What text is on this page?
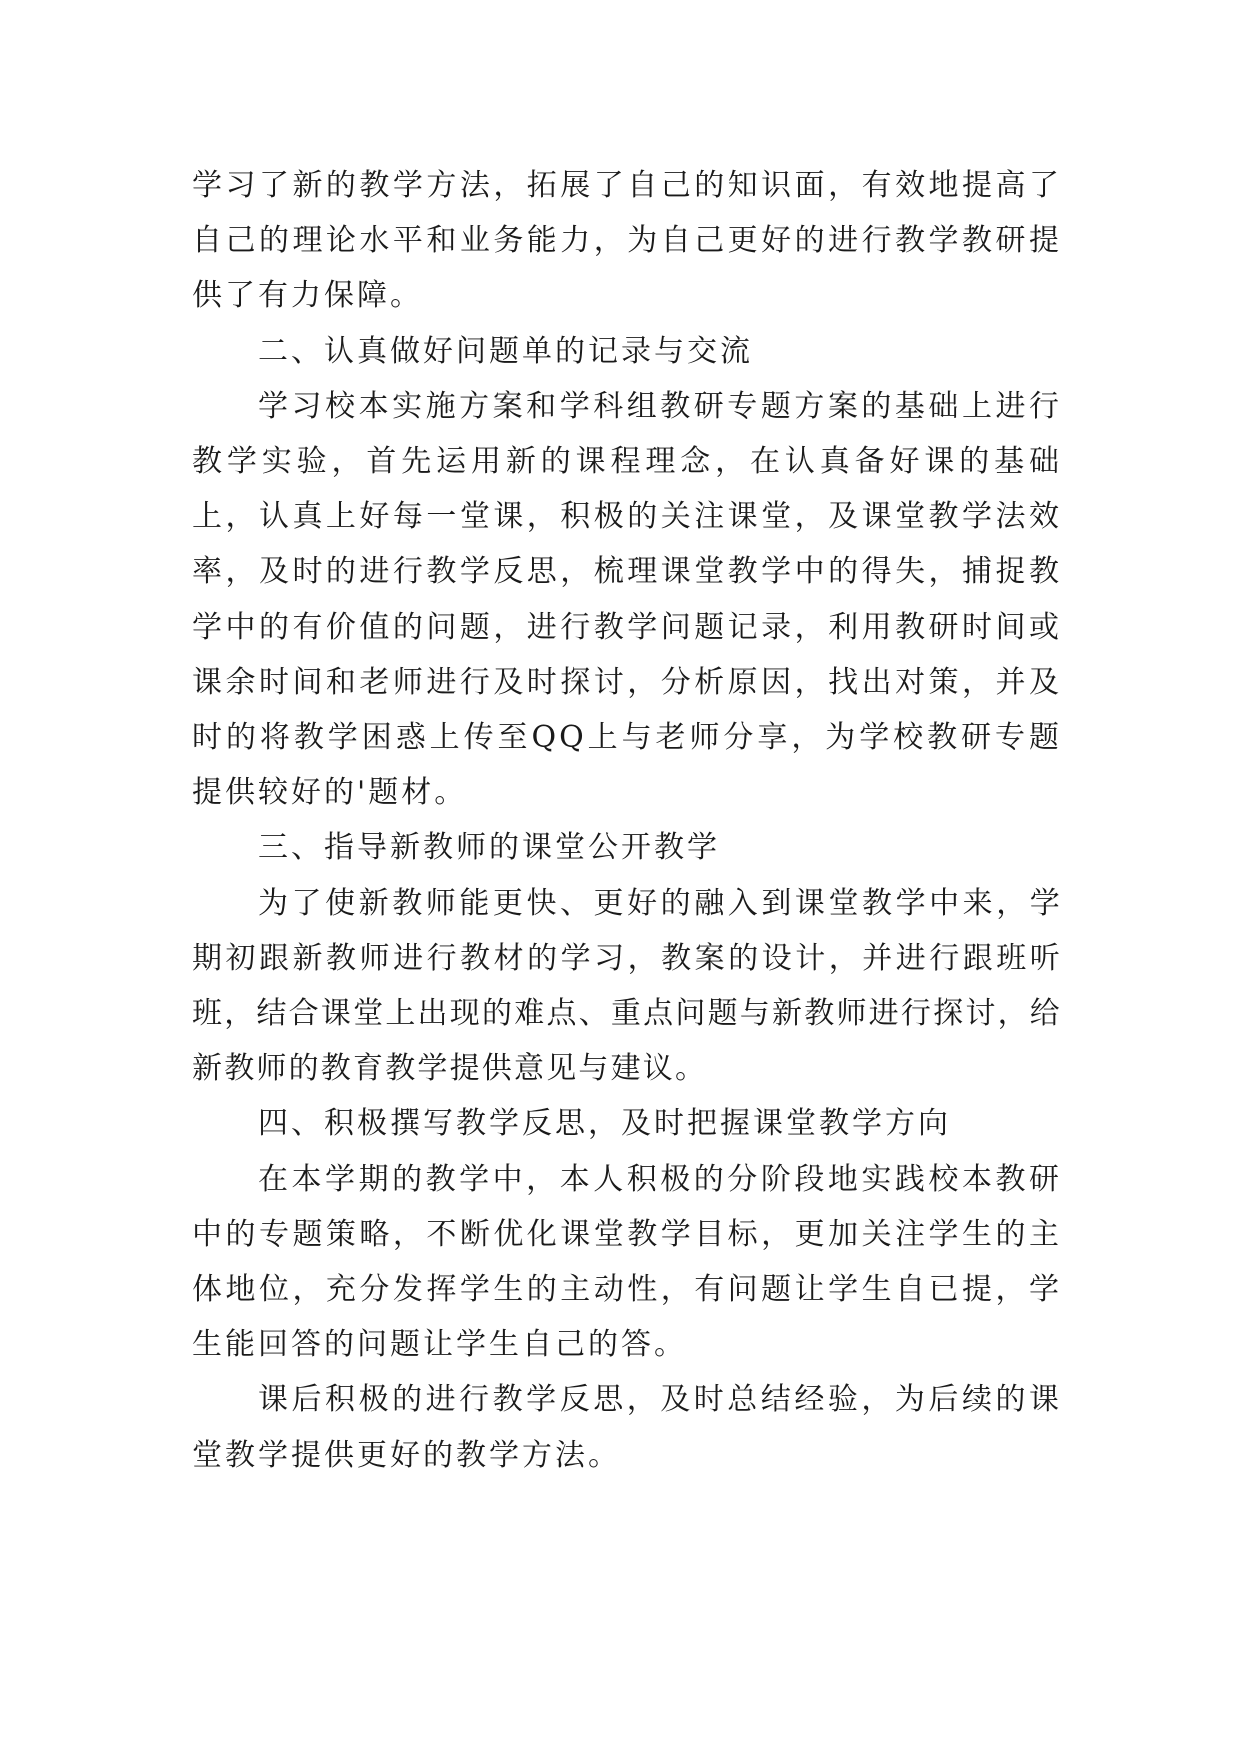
学习了新的教学方法，拓展了自己的知识面，有效地提高了自己的理论水平和业务能力，为自己更好的进行教学教研提供了有力保障。

二、认真做好问题单的记录与交流

学习校本实施方案和学科组教研专题方案的基础上进行教学实验，首先运用新的课程理念，在认真备好课的基础上，认真上好每一堂课，积极的关注课堂，及课堂教学法效率，及时的进行教学反思，梳理课堂教学中的得失，捕捉教学中的有价值的问题，进行教学问题记录，利用教研时间或课余时间和老师进行及时探讨，分析原因，找出对策，并及时的将教学困惑上传至QQ上与老师分享，为学校教研专题提供较好的'题材。

三、指导新教师的课堂公开教学

为了使新教师能更快、更好的融入到课堂教学中来，学期初跟新教师进行教材的学习，教案的设计，并进行跟班听班，结合课堂上出现的难点、重点问题与新教师进行探讨，给新教师的教育教学提供意见与建议。

四、积极撰写教学反思，及时把握课堂教学方向

在本学期的教学中，本人积极的分阶段地实践校本教研中的专题策略，不断优化课堂教学目标，更加关注学生的主体地位，充分发挥学生的主动性，有问题让学生自已提，学生能回答的问题让学生自己的答。

课后积极的进行教学反思，及时总结经验，为后续的课堂教学提供更好的教学方法。
